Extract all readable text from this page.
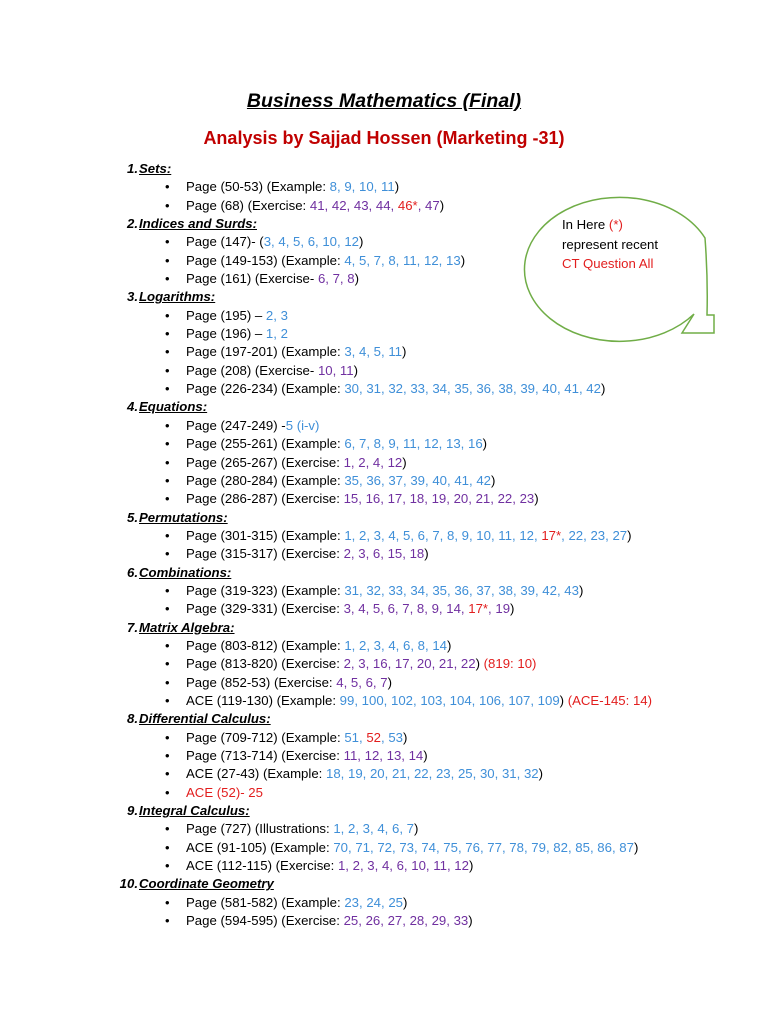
Business Mathematics (Final)
Analysis by Sajjad Hossen (Marketing -31)
1. Sets:
• Page (50-53) (Example: 8, 9, 10, 11)
• Page (68) (Exercise: 41, 42, 43, 44, 46*, 47)
2. Indices and Surds:
• Page (147)- (3, 4, 5, 6, 10, 12)
• Page (149-153) (Example: 4, 5, 7, 8, 11, 12, 13)
• Page (161) (Exercise- 6, 7, 8)
3. Logarithms:
• Page (195) – 2, 3
• Page (196) – 1, 2
• Page (197-201) (Example: 3, 4, 5, 11)
• Page (208) (Exercise- 10, 11)
• Page (226-234) (Example: 30, 31, 32, 33, 34, 35, 36, 38, 39, 40, 41, 42)
4. Equations:
• Page (247-249) -5 (i-v)
• Page (255-261) (Example: 6, 7, 8, 9, 11, 12, 13, 16)
• Page (265-267) (Exercise: 1, 2, 4, 12)
• Page (280-284) (Example: 35, 36, 37, 39, 40, 41, 42)
• Page (286-287) (Exercise: 15, 16, 17, 18, 19, 20, 21, 22, 23)
5. Permutations:
• Page (301-315) (Example: 1, 2, 3, 4, 5, 6, 7, 8, 9, 10, 11, 12, 17*, 22, 23, 27)
• Page (315-317) (Exercise: 2, 3, 6, 15, 18)
6. Combinations:
• Page (319-323) (Example: 31, 32, 33, 34, 35, 36, 37, 38, 39, 42, 43)
• Page (329-331) (Exercise: 3, 4, 5, 6, 7, 8, 9, 14, 17*, 19)
7. Matrix Algebra:
• Page (803-812) (Example: 1, 2, 3, 4, 6, 8, 14)
• Page (813-820) (Exercise: 2, 3, 16, 17, 20, 21, 22) (819: 10)
• Page (852-53) (Exercise: 4, 5, 6, 7)
• ACE (119-130) (Example: 99, 100, 102, 103, 104, 106, 107, 109) (ACE-145: 14)
8. Differential Calculus:
• Page (709-712) (Example: 51, 52, 53)
• Page (713-714) (Exercise: 11, 12, 13, 14)
• ACE (27-43) (Example: 18, 19, 20, 21, 22, 23, 25, 30, 31, 32)
• ACE (52)- 25
9. Integral Calculus:
• Page (727) (Illustrations: 1, 2, 3, 4, 6, 7)
• ACE (91-105) (Example: 70, 71, 72, 73, 74, 75, 76, 77, 78, 79, 82, 85, 86, 87)
• ACE (112-115) (Exercise: 1, 2, 3, 4, 6, 10, 11, 12)
10. Coordinate Geometry
• Page (581-582) (Example: 23, 24, 25)
• Page (594-595) (Exercise: 25, 26, 27, 28, 29, 33)
In Here (*)
represent recent
CT Question All
